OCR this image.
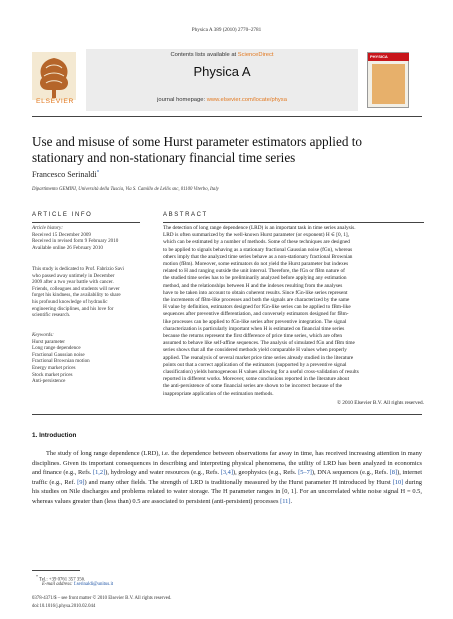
Physica A 389 (2010) 2770–2781
ELSEVIER
Contents lists available at ScienceDirect
Physica A
journal homepage: www.elsevier.com/locate/physa
PHYSICA
Use and misuse of some Hurst parameter estimators applied to
stationary and non-stationary financial time series
Francesco Serinaldi*
Dipartimento GEMINI, Università della Tuscia, Via S. Camillo de Lellis snc, 01100 Viterbo, Italy
ARTICLE INFO
Article history:
Received 15 December 2009
Received in revised form 9 February 2010
Available online 26 February 2010
This study is dedicated to Prof. Fabrizio Savi
who passed away untimely in December
2009 after a two year battle with cancer.
Friends, colleagues and students will never
forget his kindness, the availability to share
his profound knowledge of hydraulic
engineering disciplines, and his love for
scientific research.
Keywords:
Hurst parameter
Long range dependence
Fractional Gaussian noise
Fractional Brownian motion
Energy market prices
Stock market prices
Anti-persistence
ABSTRACT
The detection of long range dependence (LRD) is an important task in time series analysis.
LRD is often summarized by the well-known Hurst parameter (or exponent) H ∈ [0, 1],
which can be estimated by a number of methods. Some of these techniques are designed
to be applied to signals behaving as a stationary fractional Gaussian noise (fGn), whereas
others imply that the analyzed time series behave as a non-stationary fractional Brownian
motion (fBm). Moreover, some estimators do not yield the Hurst parameter but indexes
related to H and ranging outside the unit interval. Therefore, the fGn or fBm nature of
the studied time series has to be preliminarily analyzed before applying any estimation
method, and the relationships between H and the indexes resulting from the analyses
have to be taken into account to obtain coherent results. Since fGn-like series represent
the increments of fBm-like processes and both the signals are characterized by the same
H value by definition, estimators designed for fGn-like series can be applied to fBm-like
sequences after preventive differentiation, and conversely estimators designed for fBm-
like processes can be applied to fGn-like series after preventive integration. The signal
characterization is particularly important when H is estimated on financial time series
because the returns represent the first difference of price time series, which are often
assumed to behave like self-affine sequences. The analysis of simulated fGn and fBm time
series shows that all the considered methods yield comparable H values when properly
applied. The reanalysis of several market price time series already studied in the literature
points out that a correct application of the estimators (supported by a preventive signal
classification) yields homogeneous H values allowing for a useful cross-validation of results
reported in different works. Moreover, some conclusions reported in the literature about
the anti-persistence of some financial series are shown to be incorrect because of the
inappropriate application of the estimation methods.
© 2010 Elsevier B.V. All rights reserved.
1. Introduction
The study of long range dependence (LRD), i.e. the dependence between observations far away in time, has received increasing attention in many disciplines. Given its important consequences in describing and interpreting physical phenomena, the utility of LRD has been analyzed in economics and finance (e.g., Refs. [1,2]), hydrology and water resources (e.g., Refs. [3,4]), geophysics (e.g., Refs. [5–7]), DNA sequences (e.g., Refs. [8]), internet traffic (e.g., Ref. [9]) and many other fields. The strength of LRD is traditionally measured by the Hurst parameter H introduced by Hurst [10] during his studies on Nile discharges and problems related to water storage. The H parameter ranges in [0, 1]. For an uncorrelated white noise signal H = 0.5, whereas values greater than (less than) 0.5 are associated to persistent (anti-persistent) processes [11].
* Tel.: +39 0761 357 356.
E-mail address: f.serinaldi@unitus.it
0378-4371/$ – see front matter © 2010 Elsevier B.V. All rights reserved.
doi:10.1016/j.physa.2010.02.044
